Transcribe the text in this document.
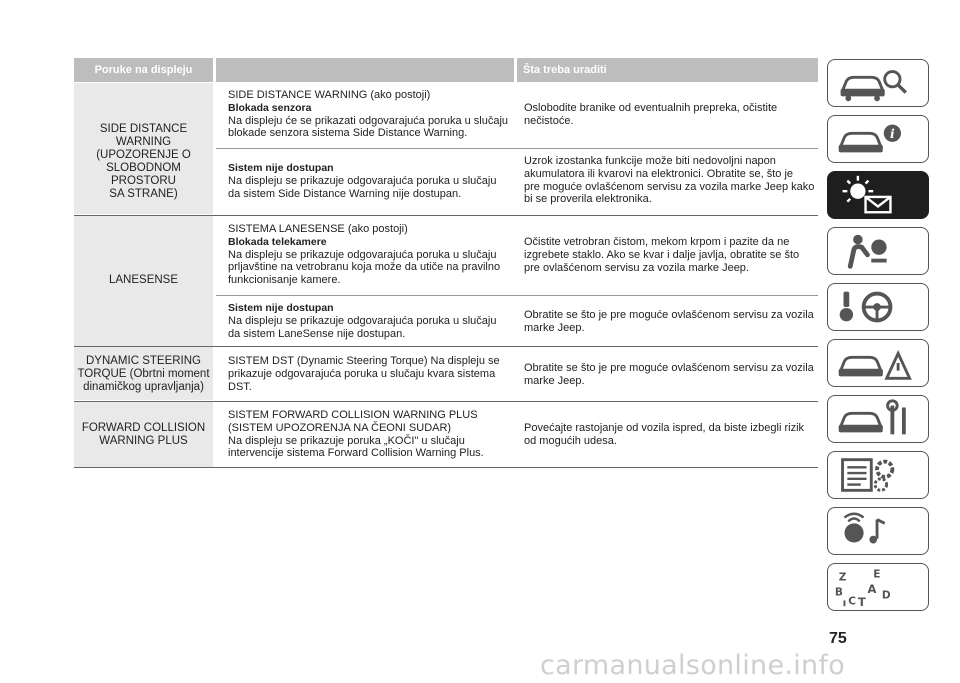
Poruke na displeju	Šta treba uraditi
SIDE DISTANCE WARNING
(UPOZORENJE O
SLOBODNOM PROSTORU
SA STRANE)
SIDE DISTANCE WARNING (ako postoji)
Blokada senzora
Na displeju će se prikazati odgovarajuća poruka u slučaju
blokade senzora sistema Side Distance Warning.
Oslobodite branike od eventualnih prepreka, očistite
nečistoće.
Sistem nije dostupan
Na displeju se prikazuje odgovarajuća poruka u slučaju
da sistem Side Distance Warning nije dostupan.
Uzrok izostanka funkcije može biti nedovoljni napon
akumulatora ili kvarovi na elektronici. Obratite se, što je
pre moguće ovlašćenom servisu za vozila marke Jeep kako
bi se proverila elektronika.
LANESENSE
SISTEMA LANESENSE (ako postoji)
Blokada telekamere
Na displeju se prikazuje odgovarajuća poruka u slučaju
prljavštine na vetrobranu koja može da utiče na pravilno
funkcionisanje kamere.
Očistite vetrobran čistom, mekom krpom i pazite da ne
izgrebete staklo. Ako se kvar i dalje javlja, obratite se što
pre ovlašćenom servisu za vozila marke Jeep.
Sistem nije dostupan
Na displeju se prikazuje odgovarajuća poruka u slučaju
da sistem LaneSense nije dostupan.
Obratite se što je pre moguće ovlašćenom servisu za vozila
marke Jeep.
DYNAMIC STEERING
TORQUE (Obrtni moment
dinamičkog upravljanja)
SISTEM DST (Dynamic Steering Torque) Na displeju se
prikazuje odgovarajuća poruka u slučaju kvara sistema
DST.
Obratite se što je pre moguće ovlašćenom servisu za vozila
marke Jeep.
FORWARD COLLISION
WARNING PLUS
SISTEM FORWARD COLLISION WARNING PLUS
(SISTEM UPOZORENJA NA ČEONI SUDAR)
Na displeju se prikazuje poruka „KOČI" u slučaju
intervencije sistema Forward Collision Warning Plus.
Povećajte rastojanje od vozila ispred, da biste izbegli rizik
od mogućih udesa.
i
Z E
B A
C D
T
75
carmanualsonline.info
